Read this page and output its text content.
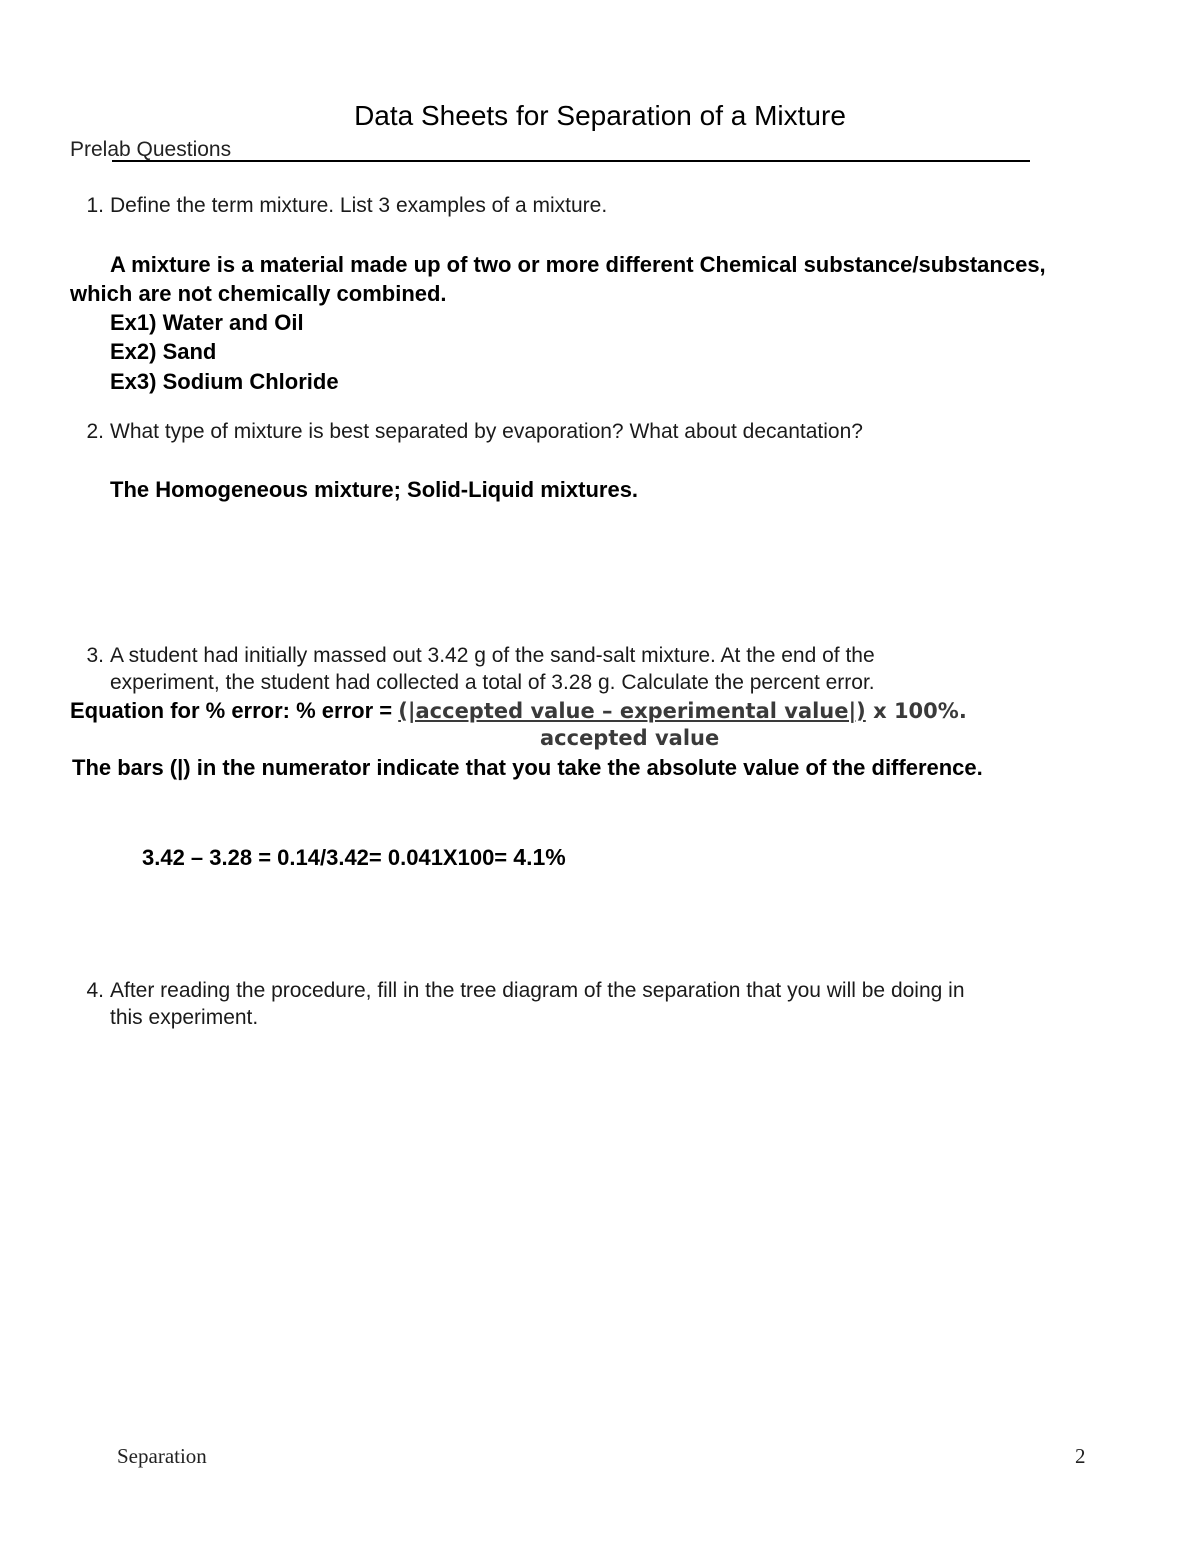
Data Sheets for Separation of a Mixture
Prelab Questions
1. Define the term mixture. List 3 examples of a mixture.
A mixture is a material made up of two or more different Chemical substance/substances,
which are not chemically combined.
Ex1) Water and Oil
Ex2) Sand
Ex3) Sodium Chloride
2. What type of mixture is best separated by evaporation? What about decantation?
The Homogeneous mixture; Solid-Liquid mixtures.
3. A student had initially massed out 3.42 g of the sand-salt mixture. At the end of the
experiment, the student had collected a total of 3.28 g. Calculate the percent error.
Equation for % error: % error = (|accepted value – experimental value|) x 100%.
accepted value
The bars (|) in the numerator indicate that you take the absolute value of the difference.
3.42 – 3.28 = 0.14/3.42= 0.041X100= 4.1%
4. After reading the procedure, fill in the tree diagram of the separation that you will be doing in
this experiment.
Separation	2
